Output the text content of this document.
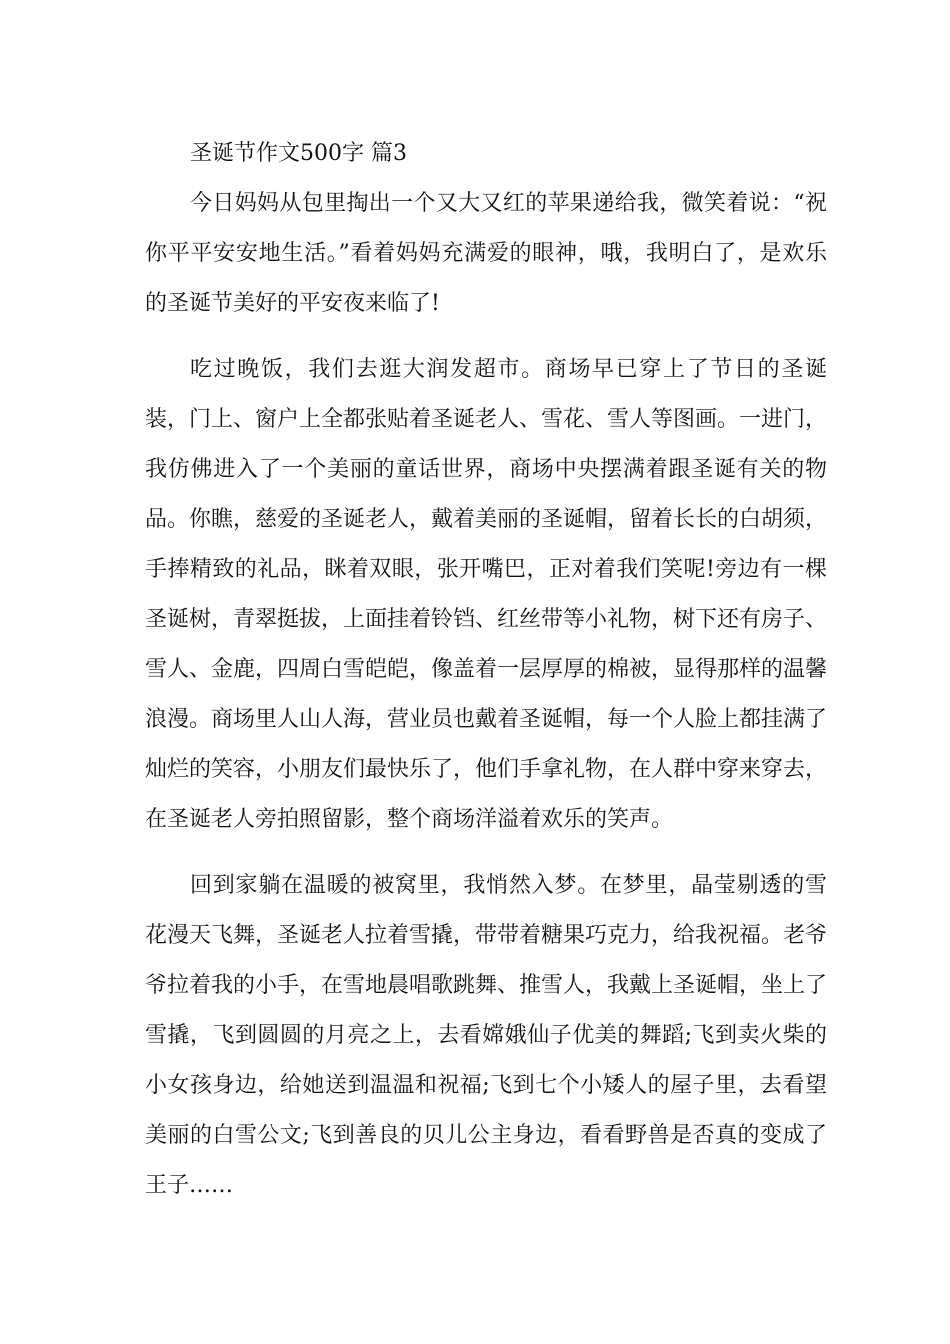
圣诞节作文500字 篇3

今日妈妈从包里掏出一个又大又红的苹果递给我，微笑着说：“祝你平平安安地生活。”看着妈妈充满爱的眼神，哦，我明白了，是欢乐的圣诞节美好的平安夜来临了!

吃过晚饭，我们去逛大润发超市。商场早已穿上了节日的圣诞装，门上、窗户上全都张贴着圣诞老人、雪花、雪人等图画。一进门，我仿佛进入了一个美丽的童话世界，商场中央摆满着跟圣诞有关的物品。你瞧，慈爱的圣诞老人，戴着美丽的圣诞帽，留着长长的白胡须，手捧精致的礼品，眯着双眼，张开嘴巴，正对着我们笑呢!旁边有一棵圣诞树，青翠挺拔，上面挂着铃铛、红丝带等小礼物，树下还有房子、雪人、金鹿，四周白雪皑皑，像盖着一层厚厚的棉被，显得那样的温馨浪漫。商场里人山人海，营业员也戴着圣诞帽，每一个人脸上都挂满了灿烂的笑容，小朋友们最快乐了，他们手拿礼物，在人群中穿来穿去，在圣诞老人旁拍照留影，整个商场洋溢着欢乐的笑声。

回到家躺在温暖的被窝里，我悄然入梦。在梦里，晶莹剔透的雪花漫天飞舞，圣诞老人拉着雪撬，带带着糖果巧克力，给我祝福。老爷爷拉着我的小手，在雪地晨唱歌跳舞、推雪人，我戴上圣诞帽，坐上了雪撬，飞到圆圆的月亮之上，去看嫦娥仙子优美的舞蹈;飞到卖火柴的小女孩身边，给她送到温温和祝福;飞到七个小矮人的屋子里，去看望美丽的白雪公文;飞到善良的贝儿公主身边，看看野兽是否真的变成了王子……
